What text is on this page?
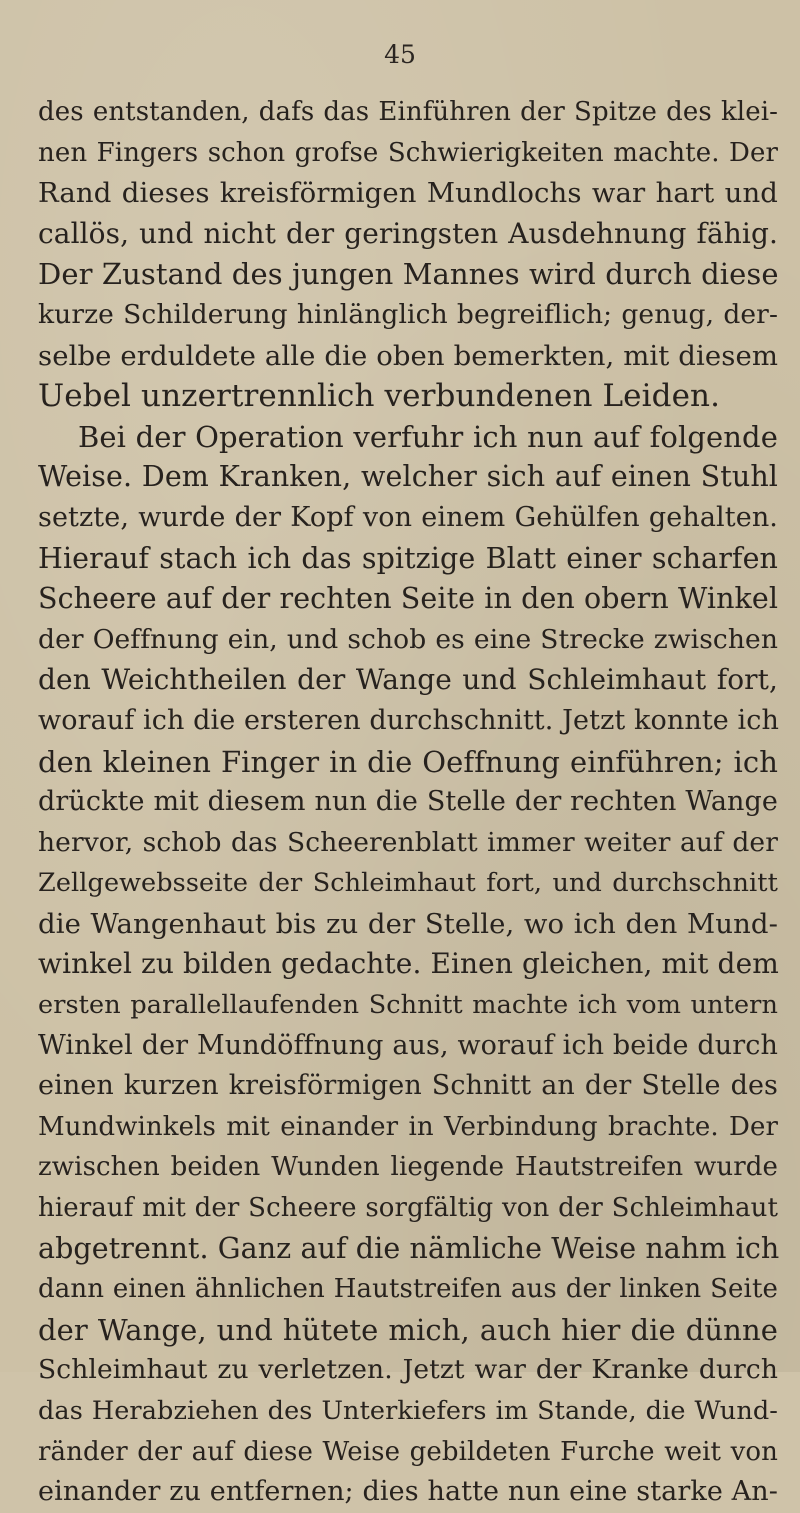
45
des entstanden, dafs das Einführen der Spitze des klei-
nen Fingers schon grofse Schwierigkeiten machte. Der
Rand dieses kreisförmigen Mundlochs war hart und
callös, und nicht der geringsten Ausdehnung fähig.
Der Zustand des jungen Mannes wird durch diese
kurze Schilderung hinlänglich begreiflich; genug, der-
selbe erduldete alle die oben bemerkten, mit diesem
Uebel unzertrennlich verbundenen Leiden.
Bei der Operation verfuhr ich nun auf folgende
Weise. Dem Kranken, welcher sich auf einen Stuhl
setzte, wurde der Kopf von einem Gehülfen gehalten.
Hierauf stach ich das spitzige Blatt einer scharfen
Scheere auf der rechten Seite in den obern Winkel
der Oeffnung ein, und schob es eine Strecke zwischen
den Weichtheilen der Wange und Schleimhaut fort,
worauf ich die ersteren durchschnitt. Jetzt konnte ich
den kleinen Finger in die Oeffnung einführen; ich
drückte mit diesem nun die Stelle der rechten Wange
hervor, schob das Scheerenblatt immer weiter auf der
Zellgewebsseite der Schleimhaut fort, und durchschnitt
die Wangenhaut bis zu der Stelle, wo ich den Mund-
winkel zu bilden gedachte. Einen gleichen, mit dem
ersten parallellaufenden Schnitt machte ich vom untern
Winkel der Mundöffnung aus, worauf ich beide durch
einen kurzen kreisförmigen Schnitt an der Stelle des
Mundwinkels mit einander in Verbindung brachte. Der
zwischen beiden Wunden liegende Hautstreifen wurde
hierauf mit der Scheere sorgfältig von der Schleimhaut
abgetrennt. Ganz auf die nämliche Weise nahm ich
dann einen ähnlichen Hautstreifen aus der linken Seite
der Wange, und hütete mich, auch hier die dünne
Schleimhaut zu verletzen. Jetzt war der Kranke durch
das Herabziehen des Unterkiefers im Stande, die Wund-
ränder der auf diese Weise gebildeten Furche weit von
einander zu entfernen; dies hatte nun eine starke An-
